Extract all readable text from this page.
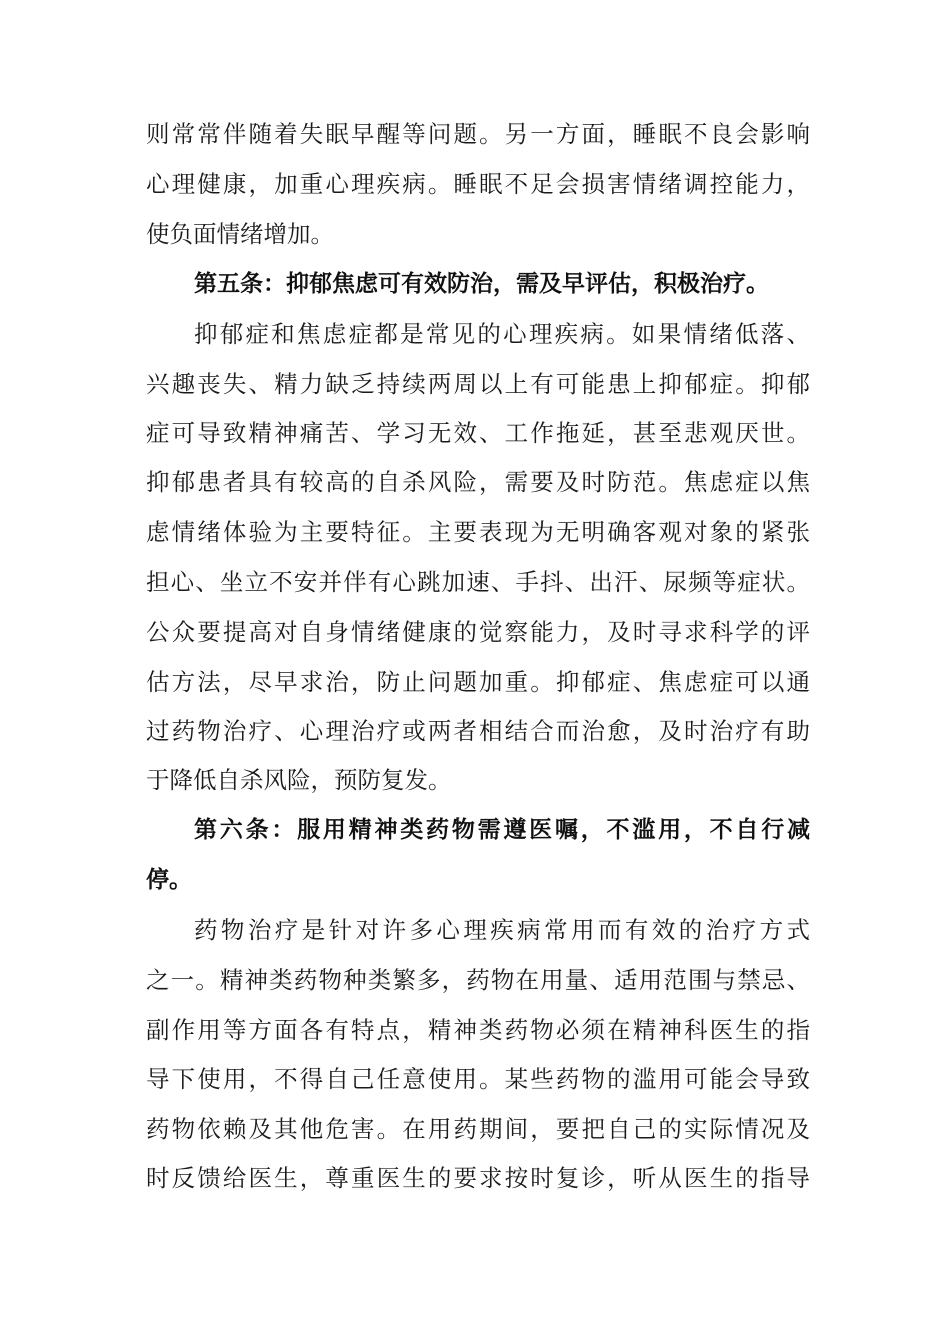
则常常伴随着失眠早醒等问题。另一方面，睡眠不良会影响
心理健康，加重心理疾病。睡眠不足会损害情绪调控能力，
使负面情绪增加。
第五条：抑郁焦虑可有效防治，需及早评估，积极治疗。
抑郁症和焦虑症都是常见的心理疾病。如果情绪低落、
兴趣丧失、精力缺乏持续两周以上有可能患上抑郁症。抑郁
症可导致精神痛苦、学习无效、工作拖延，甚至悲观厌世。
抑郁患者具有较高的自杀风险，需要及时防范。焦虑症以焦
虑情绪体验为主要特征。主要表现为无明确客观对象的紧张
担心、坐立不安并伴有心跳加速、手抖、出汗、尿频等症状。
公众要提高对自身情绪健康的觉察能力，及时寻求科学的评
估方法，尽早求治，防止问题加重。抑郁症、焦虑症可以通
过药物治疗、心理治疗或两者相结合而治愈，及时治疗有助
于降低自杀风险，预防复发。
第六条：服用精神类药物需遵医嘱，不滥用，不自行减
停。
药物治疗是针对许多心理疾病常用而有效的治疗方式
之一。精神类药物种类繁多，药物在用量、适用范围与禁忌、
副作用等方面各有特点，精神类药物必须在精神科医生的指
导下使用，不得自己任意使用。某些药物的滥用可能会导致
药物依赖及其他危害。在用药期间，要把自己的实际情况及
时反馈给医生，尊重医生的要求按时复诊，听从医生的指导
